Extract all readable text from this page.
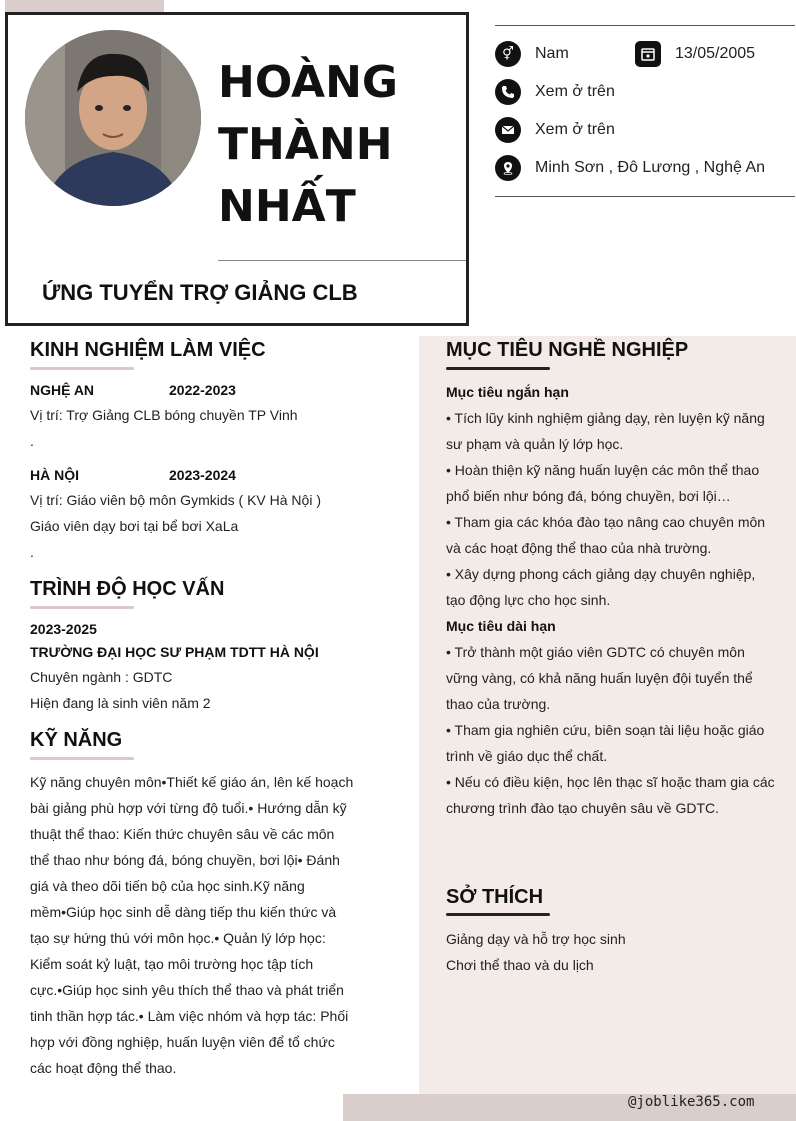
HOÀNG
THÀNH
NHẤT
ỨNG TUYỂN TRỢ GIẢNG CLB
⚥	Nam	13/05/2005
Xem ở trên
Xem ở trên
Minh Sơn , Đô Lương , Nghệ An
@joblike365.com
KINH NGHIỆM LÀM VIỆC
NGHỆ AN	2022-2023
Vị trí: Trợ Giảng CLB bóng chuyền TP Vinh
.
HÀ NỘI	2023-2024
Vị trí: Giáo viên bộ môn Gymkids ( KV Hà Nội )
Giáo viên dạy bơi tại bể bơi XaLa
.
TRÌNH ĐỘ HỌC VẤN
2023-2025
TRƯỜNG ĐẠI HỌC SƯ PHẠM TDTT HÀ NỘI
Chuyên ngành : GDTC
Hiện đang là sinh viên năm 2
KỸ NĂNG
Kỹ năng chuyên môn•Thiết kế giáo án, lên kế hoạch
bài giảng phù hợp với từng độ tuổi.• Hướng dẫn kỹ
thuật thể thao: Kiến thức chuyên sâu về các môn
thể thao như bóng đá, bóng chuyền, bơi lội• Đánh
giá và theo dõi tiến bộ của học sinh.Kỹ năng
mềm•Giúp học sinh dễ dàng tiếp thu kiến thức và
tạo sự hứng thú với môn học.• Quản lý lớp học:
Kiểm soát kỷ luật, tạo môi trường học tập tích
cực.•Giúp học sinh yêu thích thể thao và phát triển
tinh thần hợp tác.• Làm việc nhóm và hợp tác: Phối
hợp với đồng nghiệp, huấn luyện viên để tổ chức
các hoạt động thể thao.
MỤC TIÊU NGHỀ NGHIỆP
Mục tiêu ngắn hạn
• Tích lũy kinh nghiệm giảng dạy, rèn luyện kỹ năng
sư phạm và quản lý lớp học.
• Hoàn thiện kỹ năng huấn luyện các môn thể thao
phổ biến như bóng đá, bóng chuyền, bơi lội…
• Tham gia các khóa đào tạo nâng cao chuyên môn
và các hoạt động thể thao của nhà trường.
• Xây dựng phong cách giảng dạy chuyên nghiệp,
tạo động lực cho học sinh.
Mục tiêu dài hạn
• Trở thành một giáo viên GDTC có chuyên môn
vững vàng, có khả năng huấn luyện đội tuyển thể
thao của trường.
• Tham gia nghiên cứu, biên soạn tài liệu hoặc giáo
trình về giáo dục thể chất.
• Nếu có điều kiện, học lên thạc sĩ hoặc tham gia các
chương trình đào tạo chuyên sâu về GDTC.
SỞ THÍCH
Giảng dạy và hỗ trợ học sinh
Chơi thể thao và du lịch
